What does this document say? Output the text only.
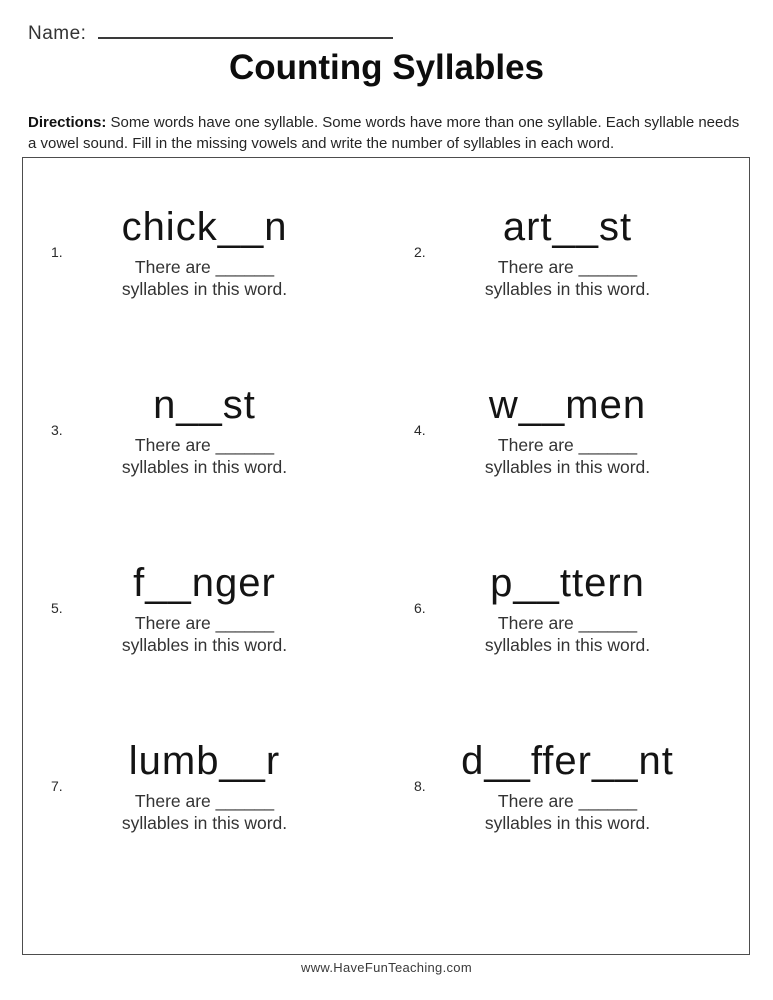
Name:
Counting Syllables

Directions: Some words have one syllable. Some words have more than one syllable. Each syllable needs a vowel sound. Fill in the missing vowels and write the number of syllables in each word.

1.
chick__n
There are ______
syllables in this word.
2.
art__st
There are ______
syllables in this word.
3.
n__st
There are ______
syllables in this word.
4.
w__men
There are ______
syllables in this word.
5.
f__nger
There are ______
syllables in this word.
6.
p__ttern
There are ______
syllables in this word.
7.
lumb__r
There are ______
syllables in this word.
8.
d__ffer__nt
There are ______
syllables in this word.
www.HaveFunTeaching.com
